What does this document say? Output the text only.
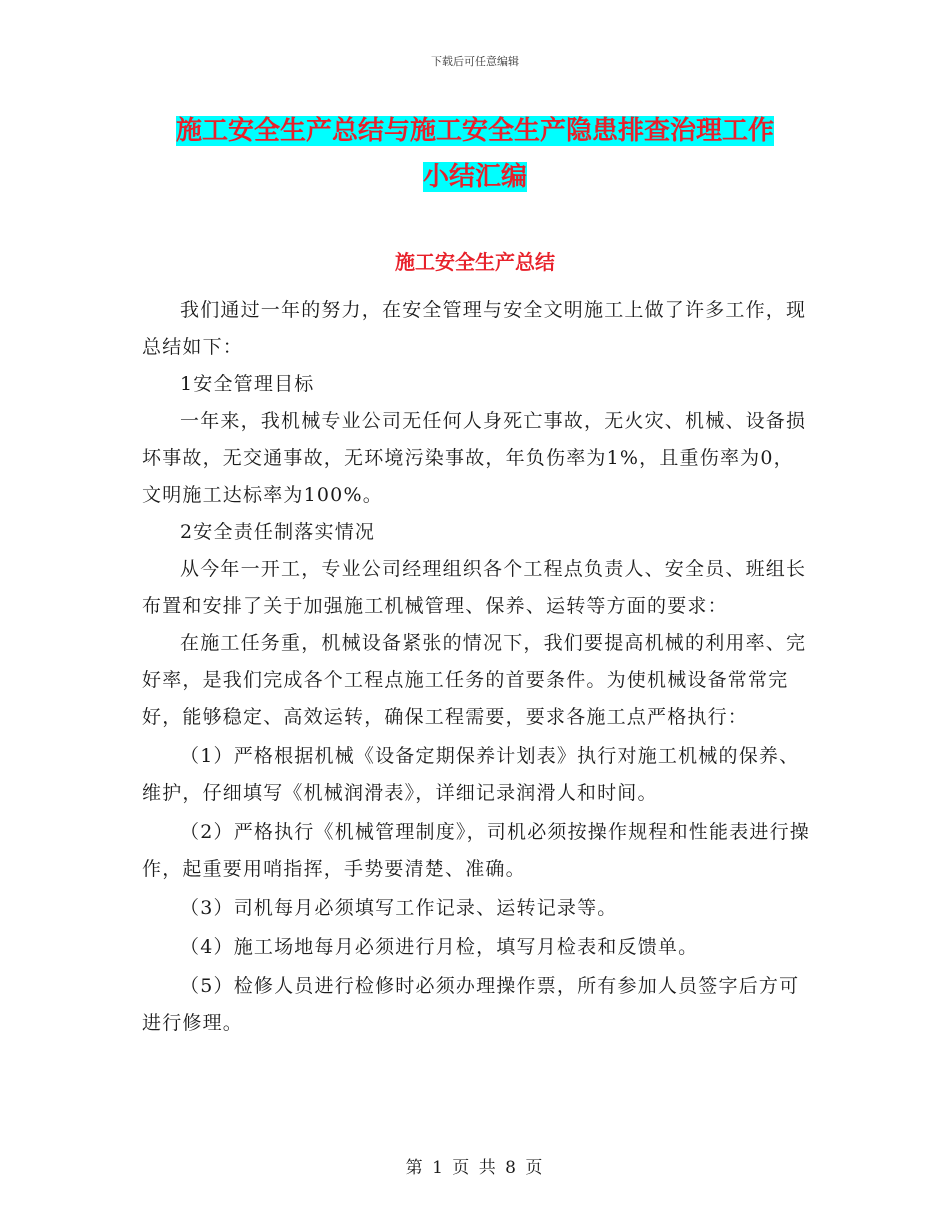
下载后可任意编辑
施工安全生产总结与施工安全生产隐患排查治理工作
小结汇编
施工安全生产总结

我们通过一年的努力，在安全管理与安全文明施工上做了许多工作，现总结如下：

1安全管理目标

一年来，我机械专业公司无任何人身死亡事故，无火灾、机械、设备损坏事故，无交通事故，无环境污染事故，年负伤率为1%，且重伤率为0，文明施工达标率为100%。

2安全责任制落实情况

从今年一开工，专业公司经理组织各个工程点负责人、安全员、班组长布置和安排了关于加强施工机械管理、保养、运转等方面的要求：

在施工任务重，机械设备紧张的情况下，我们要提高机械的利用率、完好率，是我们完成各个工程点施工任务的首要条件。为使机械设备常常完好，能够稳定、高效运转，确保工程需要，要求各施工点严格执行：

（1）严格根据机械《设备定期保养计划表》执行对施工机械的保养、维护，仔细填写《机械润滑表》，详细记录润滑人和时间。

（2）严格执行《机械管理制度》，司机必须按操作规程和性能表进行操作，起重要用哨指挥，手势要清楚、准确。

（3）司机每月必须填写工作记录、运转记录等。

（4）施工场地每月必须进行月检，填写月检表和反馈单。

（5）检修人员进行检修时必须办理操作票，所有参加人员签字后方可进行修理。

第 1 页 共 8 页
